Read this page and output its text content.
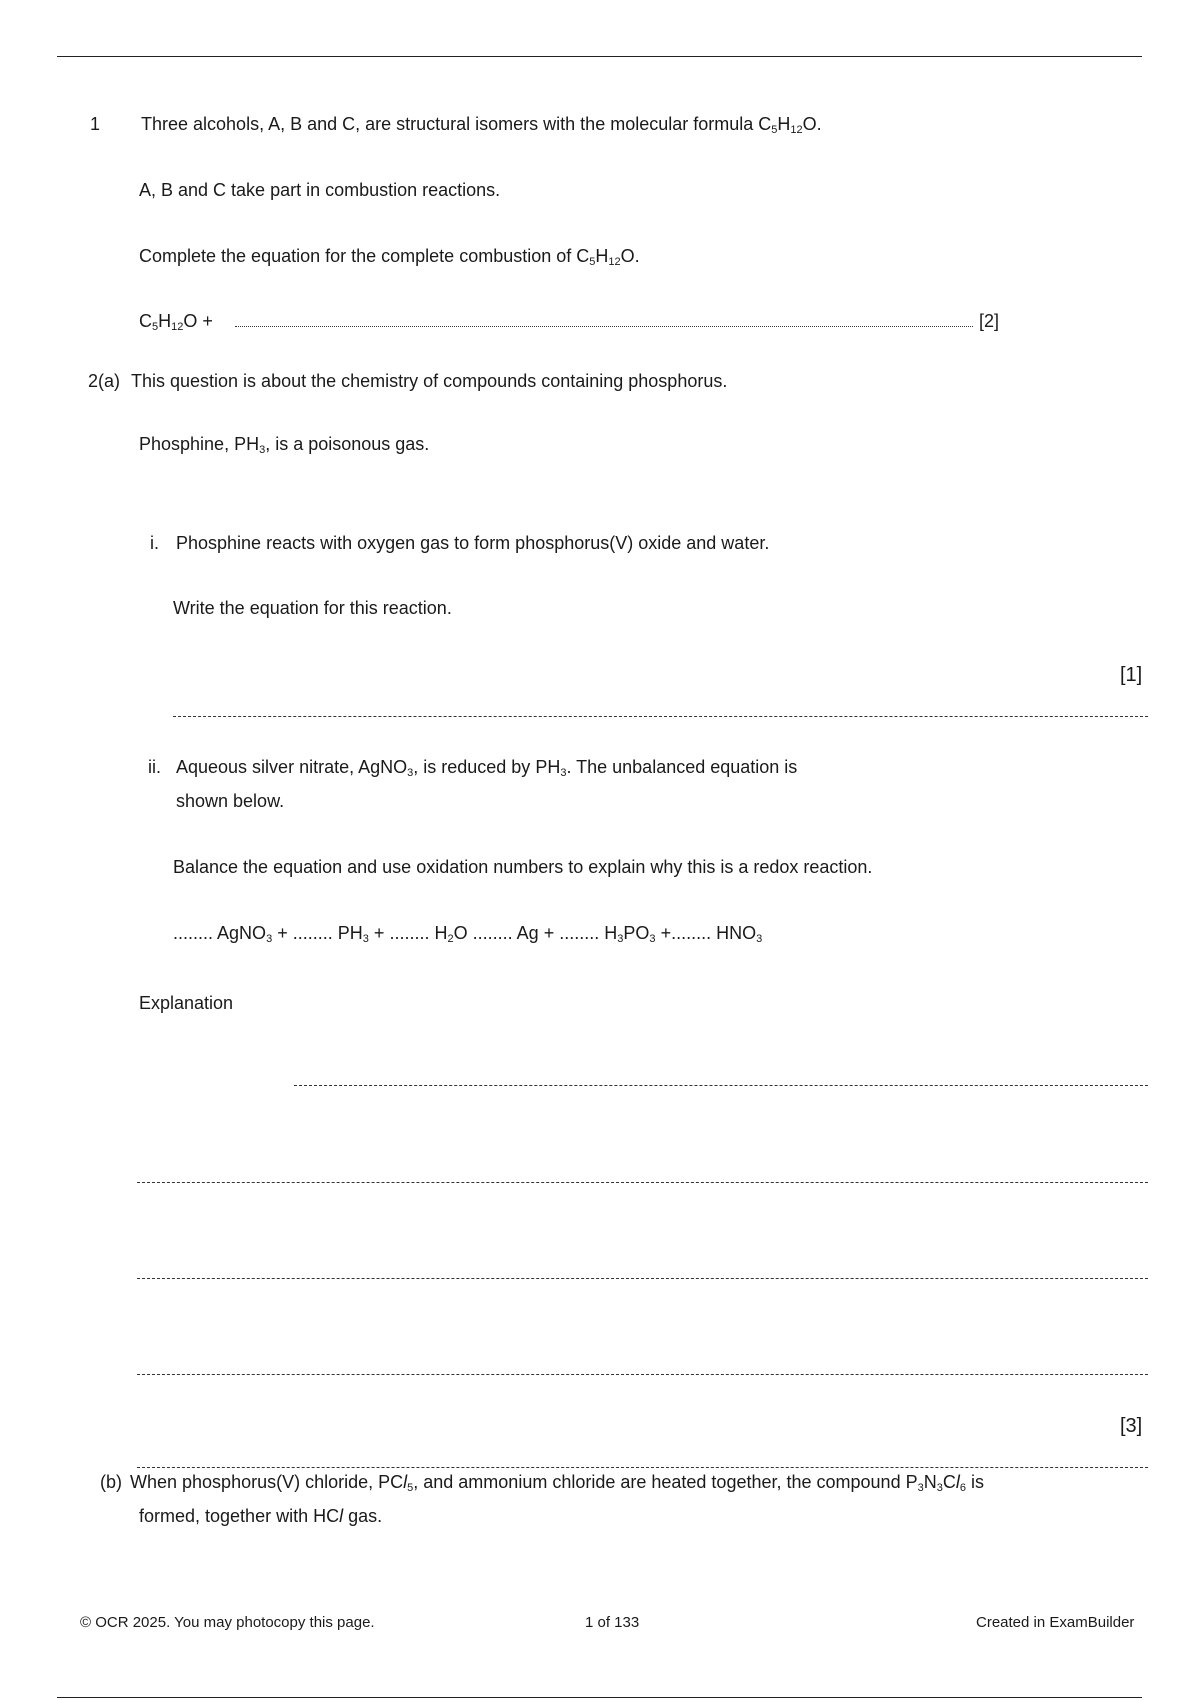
1 Three alcohols, A, B and C, are structural isomers with the molecular formula $C_5H_{12}O$.
A, B and C take part in combustion reactions.
Complete the equation for the complete combustion of $C_5H_{12}O$.
$C_5H_{12}O$ +	[2]
2(a) This question is about the chemistry of compounds containing phosphorus.
Phosphine, $PH_3$, is a poisonous gas.
i. Phosphine reacts with oxygen gas to form phosphorus(V) oxide and water.
Write the equation for this reaction.
[1]
ii. Aqueous silver nitrate, AgNO$_3$, is reduced by $PH_3$. The unbalanced equation is
shown below.
Balance the equation and use oxidation numbers to explain why this is a redox reaction.
........ AgNO$_3$ + ........ $PH_3$ + ........ $H_2O$ ........ Ag + ........ $H_3PO_3$ +........ $HNO_3$
Explanation
[3]
(b) When phosphorus(V) chloride, PCl$_5$, and ammonium chloride are heated together, the compound $P_3N_3Cl_6$ is
formed, together with HCl gas.
© OCR 2025. You may photocopy this page.	1 of 133	Created in ExamBuilder
